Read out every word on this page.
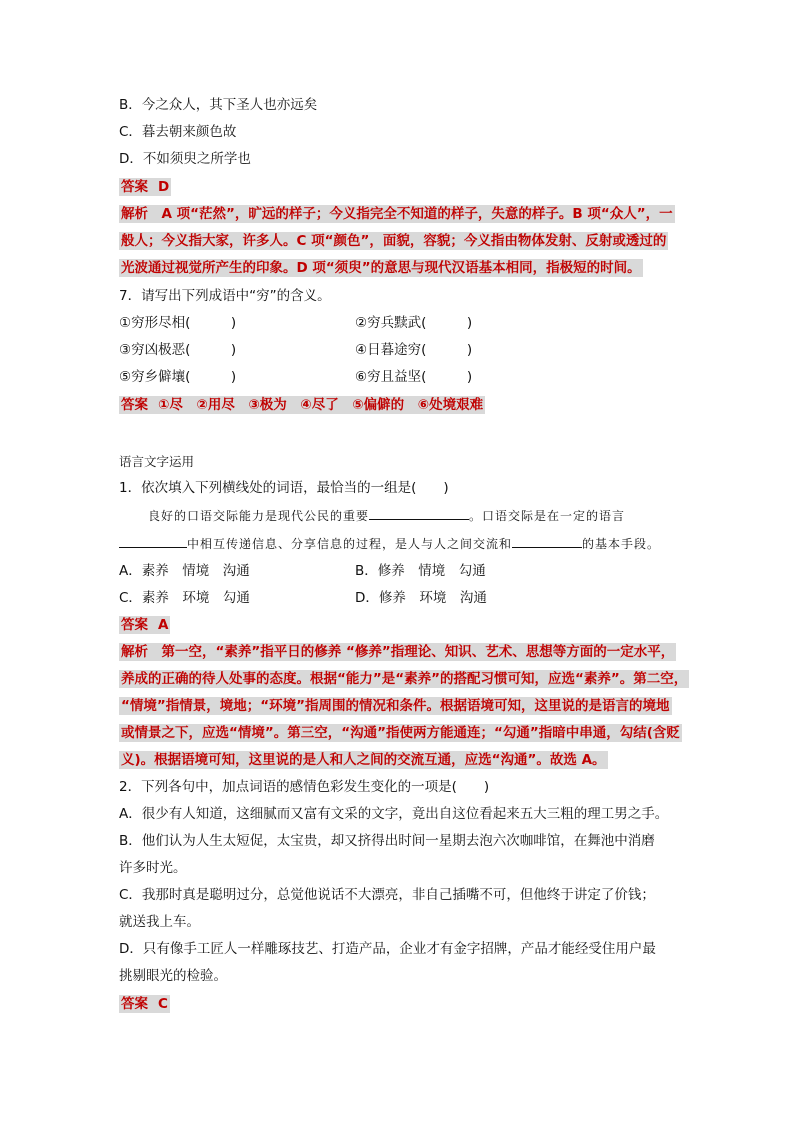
B．今之众人，其下圣人也亦远矣
C．暮去朝来颜色故
D．不如须臾之所学也
答案 D
解析　A 项“茫然”，旷远的样子；今义指完全不知道的样子，失意的样子。B 项“众人”，一
般人；今义指大家，许多人。C 项“颜色”，面貌，容貌；今义指由物体发射、反射或透过的
光波通过视觉所产生的印象。D 项“须臾”的意思与现代汉语基本相同，指极短的时间。
7．请写出下列成语中“穷”的含义。
①穷形尽相(　　　)	②穷兵黩武(　　　)
③穷凶极恶(　　　)	④日暮途穷(　　　)
⑤穷乡僻壤(　　　)	⑥穷且益坚(　　　)
答案 ①尽　②用尽　③极为　④尽了　⑤偏僻的　⑥处境艰难
语言文字运用
1．依次填入下列横线处的词语，最恰当的一组是(　　)
良好的口语交际能力是现代公民的重要	。口语交际是在一定的语言
中相互传递信息、分享信息的过程，是人与人之间交流和	的基本手段。
A．素养　情境　沟通	B．修养　情境　勾通
C．素养　环境　勾通	D．修养　环境　沟通
答案 A
解析　第一空，“素养”指平日的修养 “修养”指理论、知识、艺术、思想等方面的一定水平，
养成的正确的待人处事的态度。根据“能力”是“素养”的搭配习惯可知，应选“素养”。第二空，
“情境”指情景，境地；“环境”指周围的情况和条件。根据语境可知，这里说的是语言的境地
或情景之下，应选“情境”。第三空，“沟通”指使两方能通连；“勾通”指暗中串通，勾结(含贬
义)。根据语境可知，这里说的是人和人之间的交流互通，应选“沟通”。故选 A。
2．下列各句中，加点词语的感情色彩发生变化的一项是(　　)
A．很少有人知道，这细腻而又富有文采的文字，竟出自这位看起来五大三粗的理工男之手。
B．他们认为人生太短促，太宝贵，却又挤得出时间一星期去泡六次咖啡馆，在舞池中消磨
许多时光。
C．我那时真是聪明过分，总觉他说话不大漂亮，非自己插嘴不可，但他终于讲定了价钱；
就送我上车。
D．只有像手工匠人一样雕琢技艺、打造产品，企业才有金字招牌，产品才能经受住用户最
挑剔眼光的检验。
答案 C
